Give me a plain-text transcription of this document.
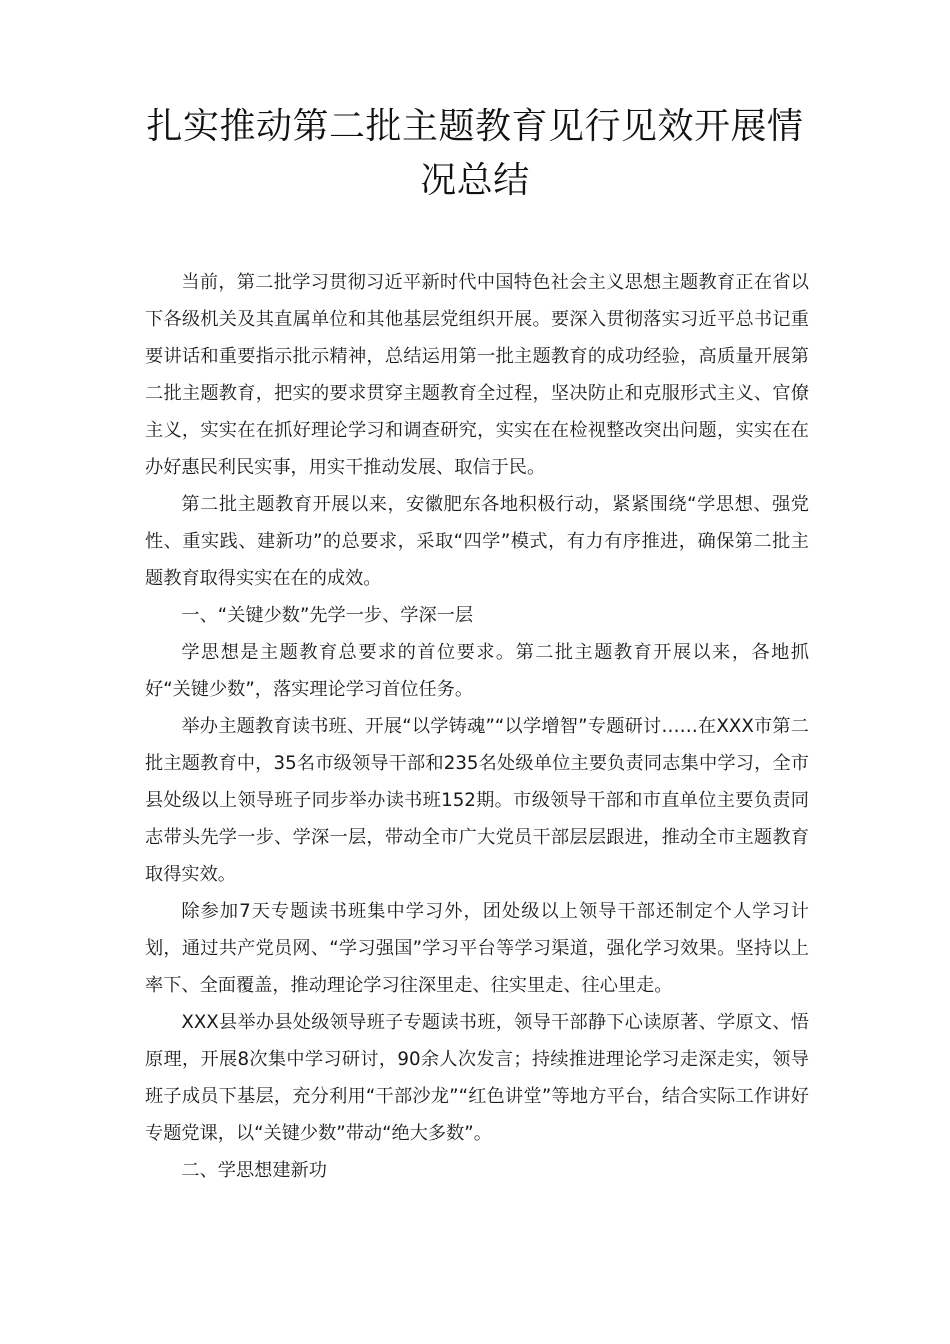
扎实推动第二批主题教育见行见效开展情况总结

当前，第二批学习贯彻习近平新时代中国特色社会主义思想主题教育正在省以下各级机关及其直属单位和其他基层党组织开展。要深入贯彻落实习近平总书记重要讲话和重要指示批示精神，总结运用第一批主题教育的成功经验，高质量开展第二批主题教育，把实的要求贯穿主题教育全过程，坚决防止和克服形式主义、官僚主义，实实在在抓好理论学习和调查研究，实实在在检视整改突出问题，实实在在办好惠民利民实事，用实干推动发展、取信于民。

第二批主题教育开展以来，安徽肥东各地积极行动，紧紧围绕“学思想、强党性、重实践、建新功”的总要求，采取“四学”模式，有力有序推进，确保第二批主题教育取得实实在在的成效。

一、“关键少数”先学一步、学深一层

学思想是主题教育总要求的首位要求。第二批主题教育开展以来，各地抓好“关键少数”，落实理论学习首位任务。

举办主题教育读书班、开展“以学铸魂”“以学增智”专题研讨……在XXX市第二批主题教育中，35名市级领导干部和235名处级单位主要负责同志集中学习，全市县处级以上领导班子同步举办读书班152期。市级领导干部和市直单位主要负责同志带头先学一步、学深一层，带动全市广大党员干部层层跟进，推动全市主题教育取得实效。

除参加7天专题读书班集中学习外，团处级以上领导干部还制定个人学习计划，通过共产党员网、“学习强国”学习平台等学习渠道，强化学习效果。坚持以上率下、全面覆盖，推动理论学习往深里走、往实里走、往心里走。

XXX县举办县处级领导班子专题读书班，领导干部静下心读原著、学原文、悟原理，开展8次集中学习研讨，90余人次发言；持续推进理论学习走深走实，领导班子成员下基层，充分利用“干部沙龙”“红色讲堂”等地方平台，结合实际工作讲好专题党课，以“关键少数”带动“绝大多数”。

二、学思想建新功
